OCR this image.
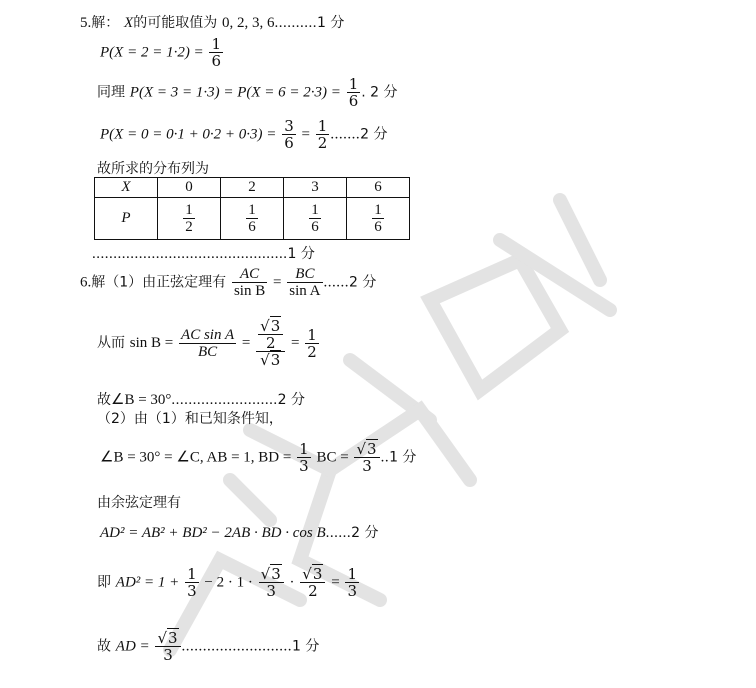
5.解： X的可能取值为 0, 2, 3, 6..........1 分
$P(X = 2 = 1\cdot 2) = \frac{1}{6}$
同理 $P(X = 3 = 1\cdot 3) = P(X = 6 = 2\cdot 3) = \frac{1}{6}$ . 2 分
$P(X = 0 = 0\cdot 1 + 0\cdot 2 + 0\cdot 3) = \frac{3}{6} = \frac{1}{2} .......2$ 分
故所求的分布列为
X	0	2	3	6
P	$\frac{1}{2}$	$\frac{1}{6}$	$\frac{1}{6}$	$\frac{1}{6}$
..............................................1 分
6.解（1）由正弦定理有 $\frac{AC}{\text{sin B}} = \frac{BC}{\text{sin A}} ......2$ 分
从而 $\sin B = \frac{\text{AC sin A}}{BC} = \frac{\frac{√3}{2}}{√3} = \frac{1}{2}$
故∠B = 30°.........................2 分
（2）由（1）和已知条件知，
∠B = 30° = ∠C, AB = 1, BD = $\frac{1}{3}$ BC = $\frac{√3}{3} ..1$ 分
由余弦定理有
AD² = AB² + BD² − 2AB · BD · cos B......2 分
即 $AD^2 = 1 + \frac{1}{3} - 2 \cdot 1 \cdot \frac{√3}{3} \cdot \frac{√3}{2} = \frac{1}{3}$
故 AD = $\frac{√3}{3} ..........................1$ 分
